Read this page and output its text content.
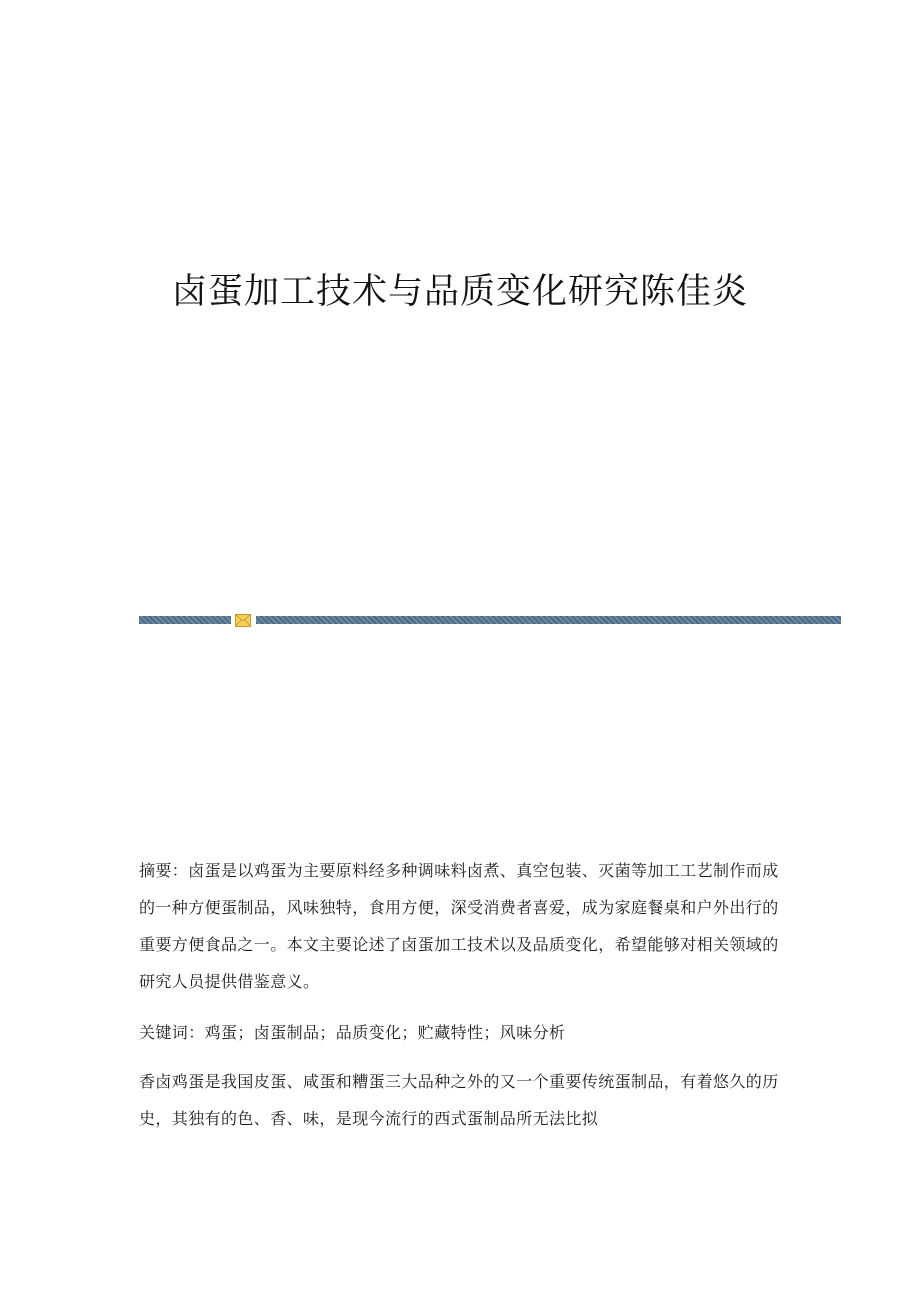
卤蛋加工技术与品质变化研究陈佳炎

摘要：卤蛋是以鸡蛋为主要原料经多种调味料卤煮、真空包装、灭菌等加工工艺制作而成的一种方便蛋制品，风味独特，食用方便，深受消费者喜爱，成为家庭餐桌和户外出行的重要方便食品之一。本文主要论述了卤蛋加工技术以及品质变化，希望能够对相关领域的研究人员提供借鉴意义。

关键词：鸡蛋；卤蛋制品；品质变化；贮藏特性；风味分析

香卤鸡蛋是我国皮蛋、咸蛋和糟蛋三大品种之外的又一个重要传统蛋制品，有着悠久的历史，其独有的色、香、味，是现今流行的西式蛋制品所无法比拟
